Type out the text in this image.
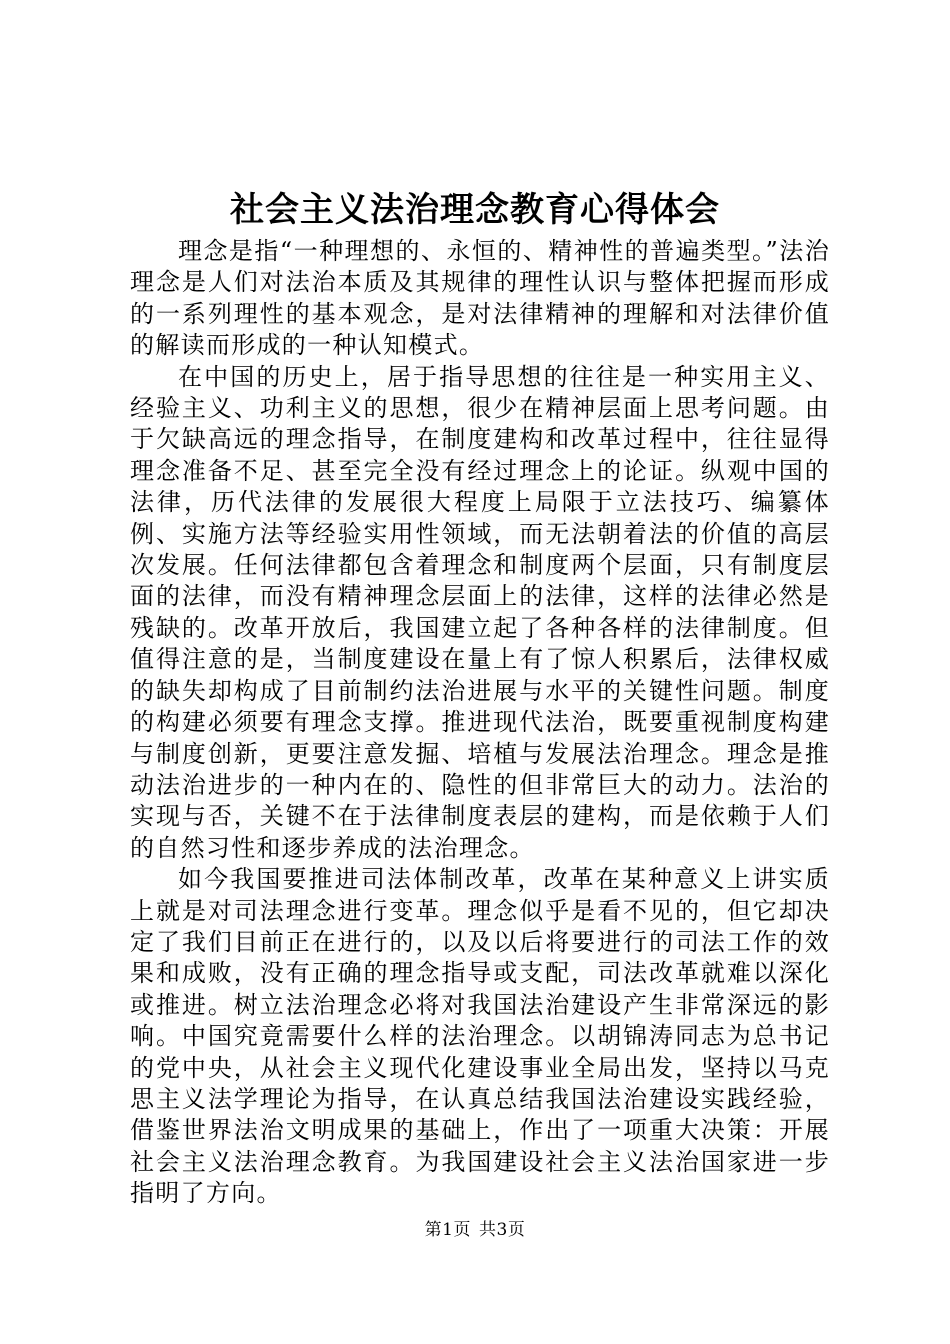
社会主义法治理念教育心得体会

理念是指“一种理想的、永恒的、精神性的普遍类型。”法治理念是人们对法治本质及其规律的理性认识与整体把握而形成的一系列理性的基本观念，是对法律精神的理解和对法律价值的解读而形成的一种认知模式。

在中国的历史上，居于指导思想的往往是一种实用主义、经验主义、功利主义的思想，很少在精神层面上思考问题。由于欠缺高远的理念指导，在制度建构和改革过程中，往往显得理念准备不足、甚至完全没有经过理念上的论证。纵观中国的法律，历代法律的发展很大程度上局限于立法技巧、编纂体例、实施方法等经验实用性领域，而无法朝着法的价值的高层次发展。任何法律都包含着理念和制度两个层面，只有制度层面的法律，而没有精神理念层面上的法律，这样的法律必然是残缺的。改革开放后，我国建立起了各种各样的法律制度。但值得注意的是，当制度建设在量上有了惊人积累后，法律权威的缺失却构成了目前制约法治进展与水平的关键性问题。制度的构建必须要有理念支撑。推进现代法治，既要重视制度构建与制度创新，更要注意发掘、培植与发展法治理念。理念是推动法治进步的一种内在的、隐性的但非常巨大的动力。法治的实现与否，关键不在于法律制度表层的建构，而是依赖于人们的自然习性和逐步养成的法治理念。

如今我国要推进司法体制改革，改革在某种意义上讲实质上就是对司法理念进行变革。理念似乎是看不见的，但它却决定了我们目前正在进行的，以及以后将要进行的司法工作的效果和成败，没有正确的理念指导或支配，司法改革就难以深化或推进。树立法治理念必将对我国法治建设产生非常深远的影响。中国究竟需要什么样的法治理念。以胡锦涛同志为总书记的党中央，从社会主义现代化建设事业全局出发，坚持以马克思主义法学理论为指导，在认真总结我国法治建设实践经验，借鉴世界法治文明成果的基础上，作出了一项重大决策：开展社会主义法治理念教育。为我国建设社会主义法治国家进一步指明了方向。

第1页 共3页
